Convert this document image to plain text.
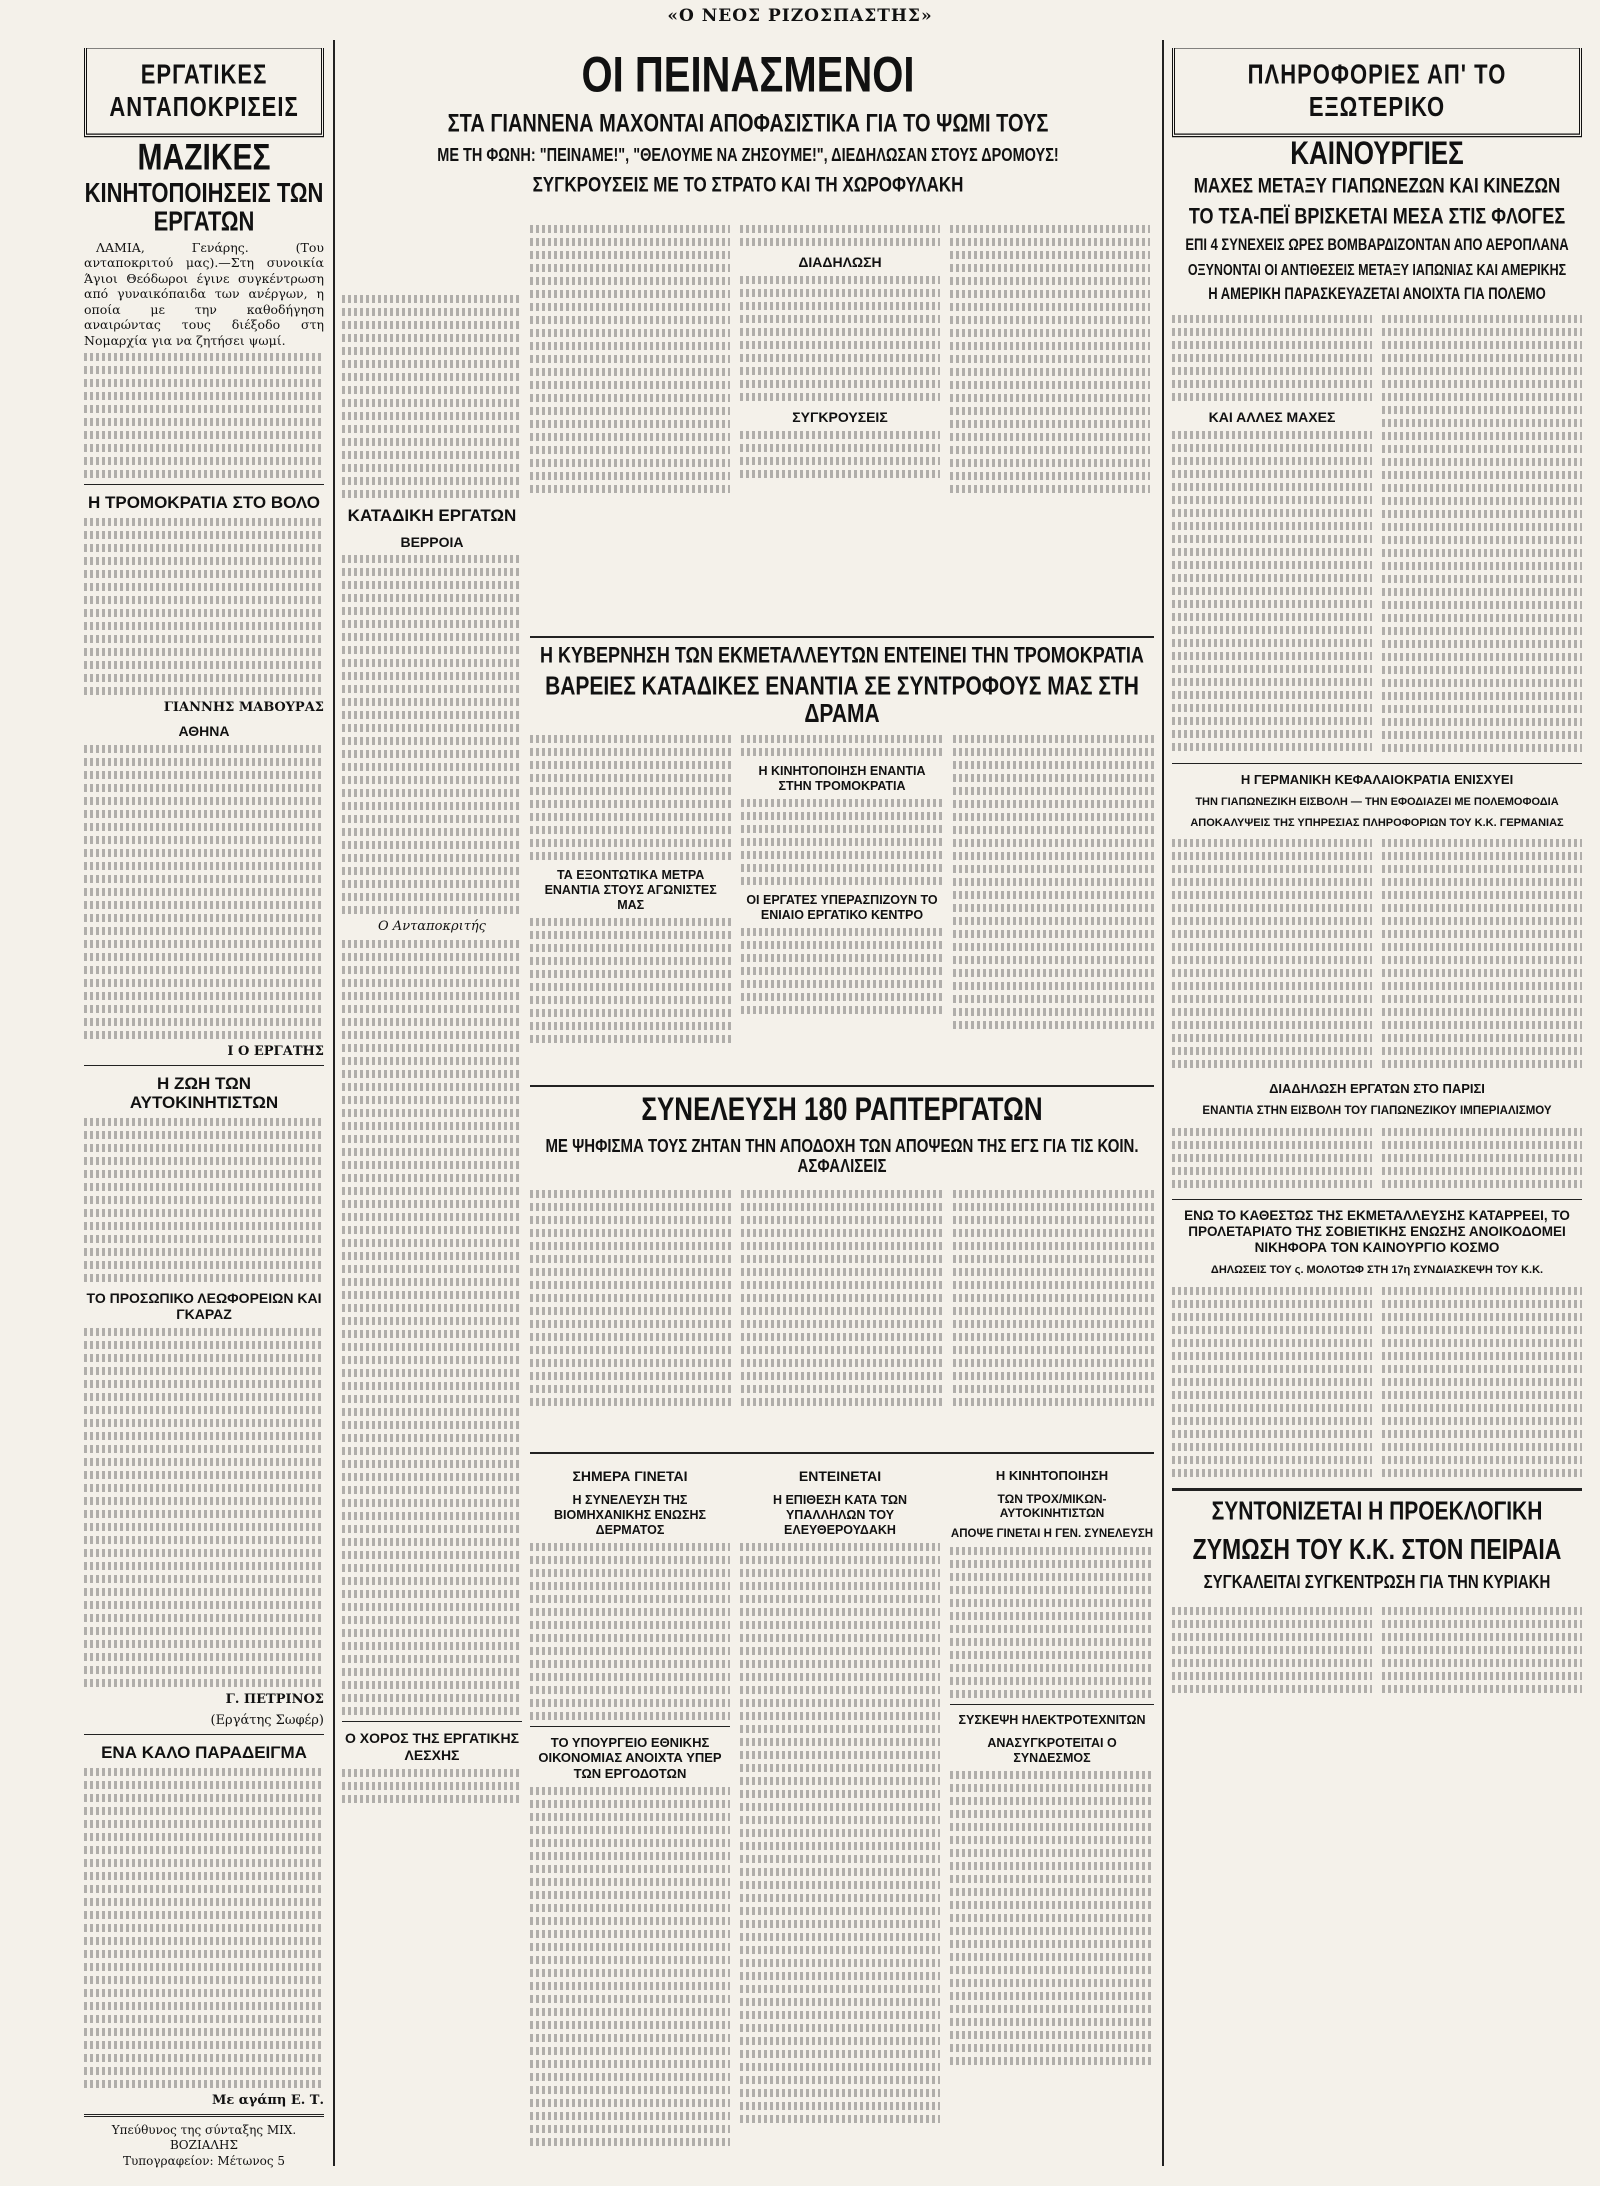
«Ο ΝΕΟΣ ΡΙΖΟΣΠΑΣΤΗΣ»
ΕΡΓΑΤΙΚΕΣ ΑΝΤΑΠΟΚΡΙΣΕΙΣ
ΜΑΖΙΚΕΣ
ΚΙΝΗΤΟΠΟΙΗΣΕΙΣ ΤΩΝ ΕΡΓΑΤΩΝ

ΛΑΜΙΑ, Γενάρης. (Του ανταποκριτού μας).—Στη συνοικία Άγιοι Θεόδωροι έγινε συγκέντρωση από γυναικόπαιδα των ανέργων, η οποία με την καθοδήγηση αναιρώντας τους διέξοδο στη Νομαρχία για να ζητήσει ψωμί.

Η ΤΡΟΜΟΚΡΑΤΙΑ ΣΤΟ ΒΟΛΟ
ΓΙΑΝΝΗΣ ΜΑΒΟΥΡΑΣ
ΑΘΗΝΑ
Ι Ο ΕΡΓΑΤΗΣ
Η ΖΩΗ ΤΩΝ ΑΥΤΟΚΙΝΗΤΙΣΤΩΝ
ΤΟ ΠΡΟΣΩΠΙΚΟ ΛΕΩΦΟΡΕΙΩΝ ΚΑΙ ΓΚΑΡΑΖ
Γ. ΠΕΤΡΙΝΟΣ
(Εργάτης Σωφέρ)
ΕΝΑ ΚΑΛΟ ΠΑΡΑΔΕΙΓΜΑ
Με αγάπη Ε. Τ.
Υπεύθυνος της σύνταξης ΜΙΧ. ΒΟΖΙΑΛΗΣ
Τυπογραφείον: Μέτωνος 5
ΚΑΤΑΔΙΚΗ ΕΡΓΑΤΩΝ
ΒΕΡΡΟΙΑ
Ο Ανταποκριτής
Ο ΧΟΡΟΣ ΤΗΣ ΕΡΓΑΤΙΚΗΣ ΛΕΣΧΗΣ
ΟΙ ΠΕΙΝΑΣΜΕΝΟΙ
ΣΤΑ ΓΙΑΝΝΕΝΑ ΜΑΧΟΝΤΑΙ ΑΠΟΦΑΣΙΣΤΙΚΑ ΓΙΑ ΤΟ ΨΩΜΙ ΤΟΥΣ
ΜΕ ΤΗ ΦΩΝΗ: "ΠΕΙΝΑΜΕ!", "ΘΕΛΟΥΜΕ ΝΑ ΖΗΣΟΥΜΕ!", ΔΙΕΔΗΛΩΣΑΝ ΣΤΟΥΣ ΔΡΟΜΟΥΣ!
ΣΥΓΚΡΟΥΣΕΙΣ ΜΕ ΤΟ ΣΤΡΑΤΟ ΚΑΙ ΤΗ ΧΩΡΟΦΥΛΑΚΗ
ΔΙΑΔΗΛΩΣΗ
ΣΥΓΚΡΟΥΣΕΙΣ
Η ΚΥΒΕΡΝΗΣΗ ΤΩΝ ΕΚΜΕΤΑΛΛΕΥΤΩΝ ΕΝΤΕΙΝΕΙ ΤΗΝ ΤΡΟΜΟΚΡΑΤΙΑ
ΒΑΡΕΙΕΣ ΚΑΤΑΔΙΚΕΣ ΕΝΑΝΤΙΑ ΣΕ ΣΥΝΤΡΟΦΟΥΣ ΜΑΣ ΣΤΗ ΔΡΑΜΑ
ΤΑ ΕΞΟΝΤΩΤΙΚΑ ΜΕΤΡΑ ΕΝΑΝΤΙΑ ΣΤΟΥΣ ΑΓΩΝΙΣΤΕΣ ΜΑΣ
Η ΚΙΝΗΤΟΠΟΙΗΣΗ ΕΝΑΝΤΙΑ ΣΤΗΝ ΤΡΟΜΟΚΡΑΤΙΑ
ΟΙ ΕΡΓΑΤΕΣ ΥΠΕΡΑΣΠΙΖΟΥΝ ΤΟ ΕΝΙΑΙΟ ΕΡΓΑΤΙΚΟ ΚΕΝΤΡΟ
ΣΥΝΕΛΕΥΣΗ 180 ΡΑΠΤΕΡΓΑΤΩΝ
ΜΕ ΨΗΦΙΣΜΑ ΤΟΥΣ ΖΗΤΑΝ ΤΗΝ ΑΠΟΔΟΧΗ ΤΩΝ ΑΠΟΨΕΩΝ ΤΗΣ ΕΓΣ ΓΙΑ ΤΙΣ ΚΟΙΝ. ΑΣΦΑΛΙΣΕΙΣ
ΣΗΜΕΡΑ ΓΙΝΕΤΑΙ
Η ΣΥΝΕΛΕΥΣΗ ΤΗΣ ΒΙΟΜΗΧΑΝΙΚΗΣ ΕΝΩΣΗΣ ΔΕΡΜΑΤΟΣ
ΤΟ ΥΠΟΥΡΓΕΙΟ ΕΘΝΙΚΗΣ ΟΙΚΟΝΟΜΙΑΣ ΑΝΟΙΧΤΑ ΥΠΕΡ ΤΩΝ ΕΡΓΟΔΟΤΩΝ
ΕΝΤΕΙΝΕΤΑΙ
Η ΕΠΙΘΕΣΗ ΚΑΤΑ ΤΩΝ ΥΠΑΛΛΗΛΩΝ ΤΟΥ ΕΛΕΥΘΕΡΟΥΔΑΚΗ
Η ΚΙΝΗΤΟΠΟΙΗΣΗ
ΤΩΝ ΤΡΟΧ/ΜΙΚΩΝ-ΑΥΤΟΚΙΝΗΤΙΣΤΩΝ
ΑΠΟΨΕ ΓΙΝΕΤΑΙ Η ΓΕΝ. ΣΥΝΕΛΕΥΣΗ
ΣΥΣΚΕΨΗ ΗΛΕΚΤΡΟΤΕΧΝΙΤΩΝ
ΑΝΑΣΥΓΚΡΟΤΕΙΤΑΙ Ο ΣΥΝΔΕΣΜΟΣ
ΠΛΗΡΟΦΟΡΙΕΣ ΑΠ' ΤΟ ΕΞΩΤΕΡΙΚΟ
ΚΑΙΝΟΥΡΓΙΕΣ
ΜΑΧΕΣ ΜΕΤΑΞΥ ΓΙΑΠΩΝΕΖΩΝ ΚΑΙ ΚΙΝΕΖΩΝ
ΤΟ ΤΣΑ-ΠΕΪ ΒΡΙΣΚΕΤΑΙ ΜΕΣΑ ΣΤΙΣ ΦΛΟΓΕΣ
ΕΠΙ 4 ΣΥΝΕΧΕΙΣ ΩΡΕΣ ΒΟΜΒΑΡΔΙΖΟΝΤΑΝ ΑΠΟ ΑΕΡΟΠΛΑΝΑ
ΟΞΥΝΟΝΤΑΙ ΟΙ ΑΝΤΙΘΕΣΕΙΣ ΜΕΤΑΞΥ ΙΑΠΩΝΙΑΣ ΚΑΙ ΑΜΕΡΙΚΗΣ
Η ΑΜΕΡΙΚΗ ΠΑΡΑΣΚΕΥΑΖΕΤΑΙ ΑΝΟΙΧΤΑ ΓΙΑ ΠΟΛΕΜΟ
ΚΑΙ ΑΛΛΕΣ ΜΑΧΕΣ
Η ΓΕΡΜΑΝΙΚΗ ΚΕΦΑΛΑΙΟΚΡΑΤΙΑ ΕΝΙΣΧΥΕΙ
ΤΗΝ ΓΙΑΠΩΝΕΖΙΚΗ ΕΙΣΒΟΛΗ — ΤΗΝ ΕΦΟΔΙΑΖΕΙ ΜΕ ΠΟΛΕΜΟΦΟΔΙΑ
ΑΠΟΚΑΛΥΨΕΙΣ ΤΗΣ ΥΠΗΡΕΣΙΑΣ ΠΛΗΡΟΦΟΡΙΩΝ ΤΟΥ Κ.Κ. ΓΕΡΜΑΝΙΑΣ
ΔΙΑΔΗΛΩΣΗ ΕΡΓΑΤΩΝ ΣΤΟ ΠΑΡΙΣΙ
ΕΝΑΝΤΙΑ ΣΤΗΝ ΕΙΣΒΟΛΗ ΤΟΥ ΓΙΑΠΩΝΕΖΙΚΟΥ ΙΜΠΕΡΙΑΛΙΣΜΟΥ
ΕΝΩ ΤΟ ΚΑΘΕΣΤΩΣ ΤΗΣ ΕΚΜΕΤΑΛΛΕΥΣΗΣ ΚΑΤΑΡΡΕΕΙ, ΤΟ ΠΡΟΛΕΤΑΡΙΑΤΟ ΤΗΣ ΣΟΒΙΕΤΙΚΗΣ ΕΝΩΣΗΣ ΑΝΟΙΚΟΔΟΜΕΙ ΝΙΚΗΦΟΡΑ ΤΟΝ ΚΑΙΝΟΥΡΓΙΟ ΚΟΣΜΟ
ΔΗΛΩΣΕΙΣ ΤΟΥ ς. ΜΟΛΟΤΩΦ ΣΤΗ 17η ΣΥΝΔΙΑΣΚΕΨΗ ΤΟΥ Κ.Κ.
ΣΥΝΤΟΝΙΖΕΤΑΙ Η ΠΡΟΕΚΛΟΓΙΚΗ
ΖΥΜΩΣΗ ΤΟΥ Κ.Κ. ΣΤΟΝ ΠΕΙΡΑΙΑ
ΣΥΓΚΑΛΕΙΤΑΙ ΣΥΓΚΕΝΤΡΩΣΗ ΓΙΑ ΤΗΝ ΚΥΡΙΑΚΗ
